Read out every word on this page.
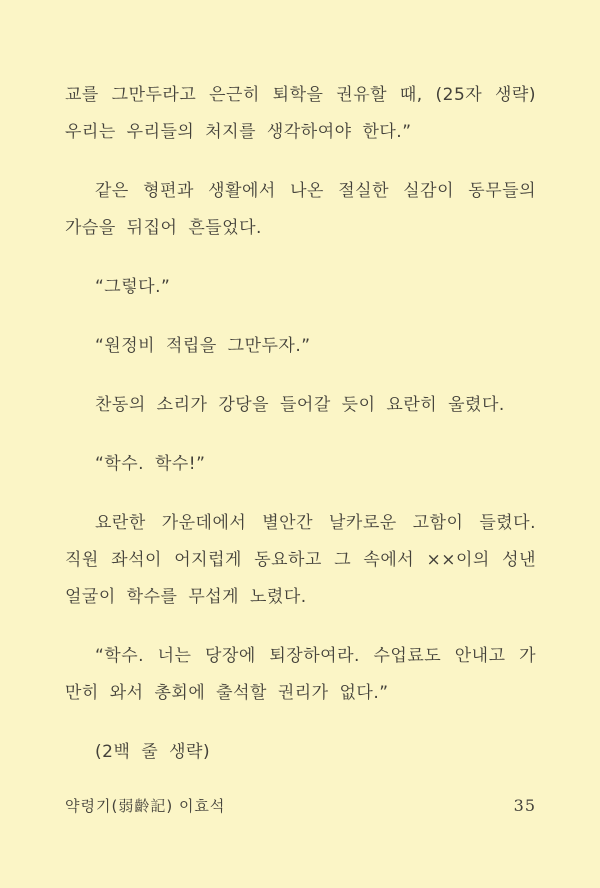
교를 그만두라고 은근히 퇴학을 권유할 때, (25자 생략) 우리는 우리들의 처지를 생각하여야 한다.”

같은 형편과 생활에서 나온 절실한 실감이 동무들의 가슴을 뒤집어 흔들었다.

“그렇다.”

“원정비 적립을 그만두자.”

찬동의 소리가 강당을 들어갈 듯이 요란히 울렸다.

“학수. 학수!”

요란한 가운데에서 별안간 날카로운 고함이 들렸다. 직원 좌석이 어지럽게 동요하고 그 속에서 ××이의 성낸 얼굴이 학수를 무섭게 노렸다.

“학수. 너는 당장에 퇴장하여라. 수업료도 안내고 가만히 와서 총회에 출석할 권리가 없다.”

(2백 줄 생략)

약령기(弱齡記) 이효석	35
